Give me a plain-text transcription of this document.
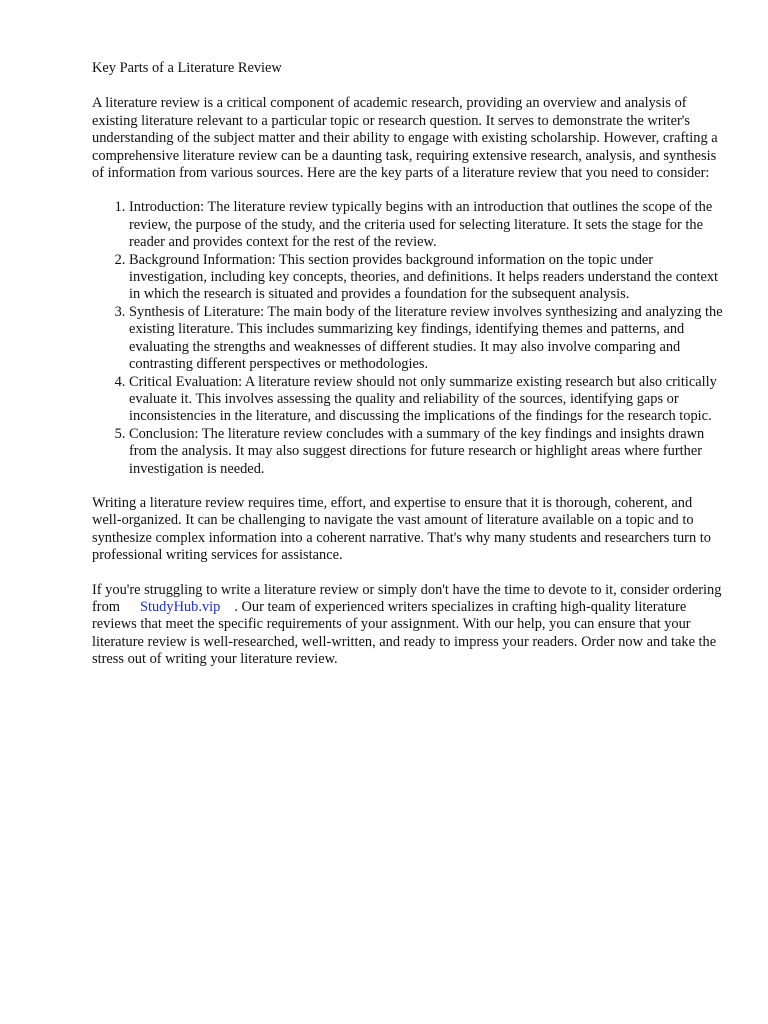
Key Parts of a Literature Review

A literature review is a critical component of academic research, providing an overview and analysis of existing literature relevant to a particular topic or research question. It serves to demonstrate the writer's understanding of the subject matter and their ability to engage with existing scholarship. However, crafting a comprehensive literature review can be a daunting task, requiring extensive research, analysis, and synthesis of information from various sources. Here are the key parts of a literature review that you need to consider:

1. Introduction: The literature review typically begins with an introduction that outlines the scope of the review, the purpose of the study, and the criteria used for selecting literature. It sets the stage for the reader and provides context for the rest of the review.
2. Background Information: This section provides background information on the topic under investigation, including key concepts, theories, and definitions. It helps readers understand the context in which the research is situated and provides a foundation for the subsequent analysis.
3. Synthesis of Literature: The main body of the literature review involves synthesizing and analyzing the existing literature. This includes summarizing key findings, identifying themes and patterns, and evaluating the strengths and weaknesses of different studies. It may also involve comparing and contrasting different perspectives or methodologies.
4. Critical Evaluation: A literature review should not only summarize existing research but also critically evaluate it. This involves assessing the quality and reliability of the sources, identifying gaps or inconsistencies in the literature, and discussing the implications of the findings for the research topic.
5. Conclusion: The literature review concludes with a summary of the key findings and insights drawn from the analysis. It may also suggest directions for future research or highlight areas where further investigation is needed.

Writing a literature review requires time, effort, and expertise to ensure that it is thorough, coherent, and well-organized. It can be challenging to navigate the vast amount of literature available on a topic and to synthesize complex information into a coherent narrative. That's why many students and researchers turn to professional writing services for assistance.

If you're struggling to write a literature review or simply don't have the time to devote to it, consider ordering from StudyHub.vip . Our team of experienced writers specializes in crafting high-quality literature reviews that meet the specific requirements of your assignment. With our help, you can ensure that your literature review is well-researched, well-written, and ready to impress your readers. Order now and take the stress out of writing your literature review.
